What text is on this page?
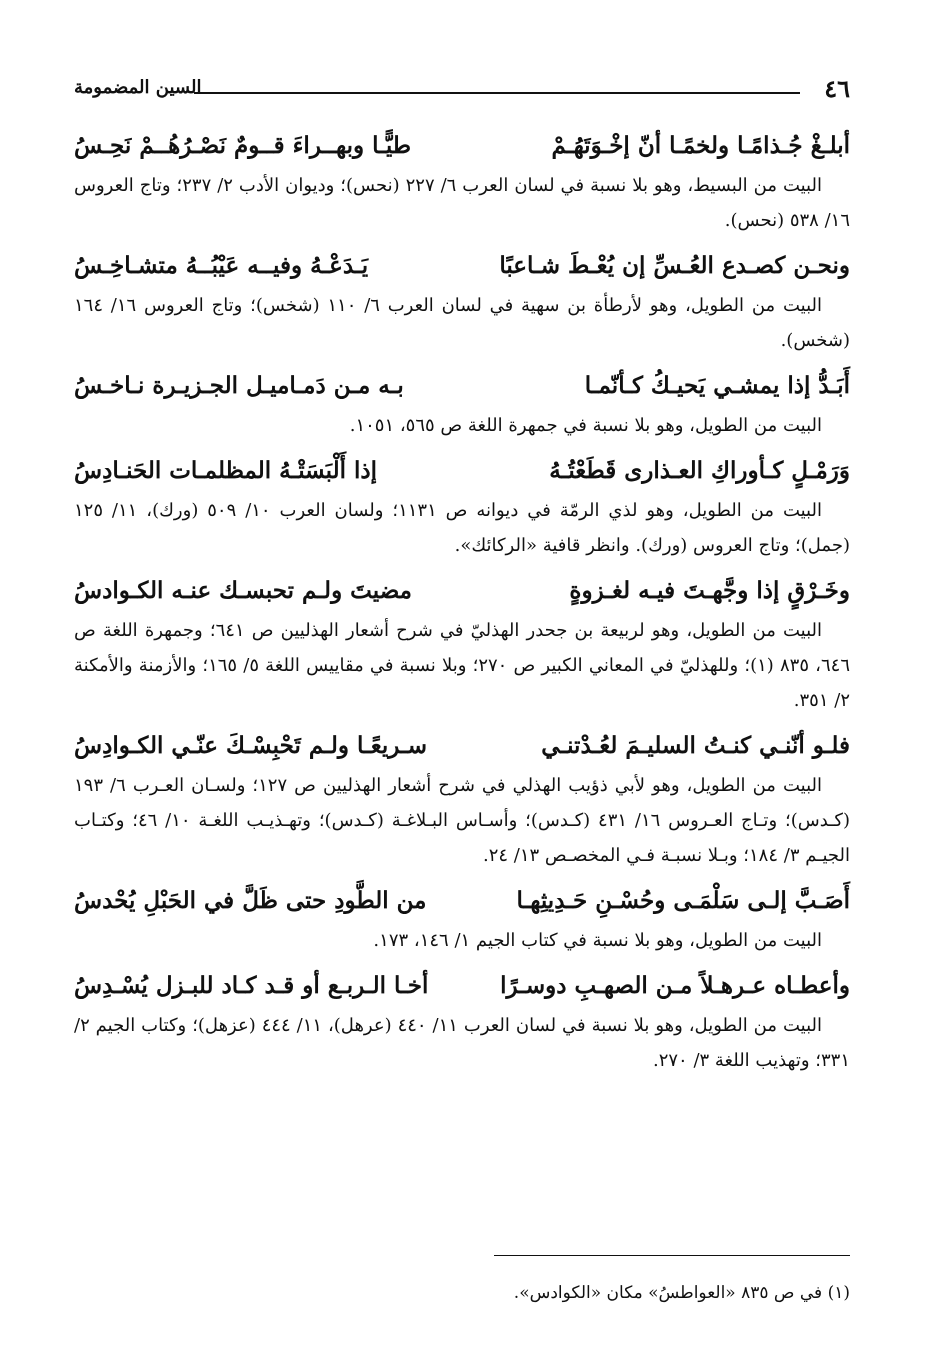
٤٦
السين المضمومة
أبلـغْ جُـذامًـا ولخمًـا أنّ إخْـوَتَهُـمْ
طيًّـا وبهــراءَ قــومٌ نَصْـرُهُــمْ نَحِـسُ

البيت من البسيط، وهو بلا نسبة في لسان العرب ٦/ ٢٢٧ (نحس)؛ وديوان الأدب ٢/ ٢٣٧؛ وتاج العروس ١٦/ ٥٣٨ (نحس).

ونحـن كصـدع العُـسِّ إن يُعْـطَ شـاعبًا
يَـدَعْـهُ وفيــه عَيْبُــهُ متشـاخِـسُ

البيت من الطويل، وهو لأرطأة بن سهية في لسان العرب ٦/ ١١٠ (شخس)؛ وتاج العروس ١٦/ ١٦٤ (شخس).

أَبَـدُّ إذا يمشـي يَحيـكُ كـأنّمـا
بـه مـن دَمـاميـل الجـزيـرة نـاخـسُ

البيت من الطويل، وهو بلا نسبة في جمهرة اللغة ص ٥٦٥، ١٠٥١.

وَرَمْـلٍ كـأوراكِ العـذارى قَطَعْتُـهُ
إذا أَلْبَسَتْـهُ المظلمـات الحَنـادِسُ

البيت من الطويل، وهو لذي الرمّة في ديوانه ص ١١٣١؛ ولسان العرب ١٠/ ٥٠٩ (ورك)، ١١/ ١٢٥ (جمل)؛ وتاج العروس (ورك). وانظر قافية «الركائك».

وخَـرْقٍ إذا وجَّهـتَ فيـه لغـزوةٍ
مضيتَ ولـم تحبسـك عنـه الكـوادسُ

البيت من الطويل، وهو لربيعة بن جحدر الهذليّ في شرح أشعار الهذليين ص ٦٤١؛ وجمهرة اللغة ص ٦٤٦، ٨٣٥ (١)؛ وللهذليّ في المعاني الكبير ص ٢٧٠؛ وبلا نسبة في مقاييس اللغة ٥/ ١٦٥؛ والأزمنة والأمكنة ٢/ ٣٥١.

فلـو أنّنـي كنـتُ السليـمَ لعُـدْتنـي
سـريعًـا ولـم تَحْبِسْـكَ عنّـي الكـوادِسُ

البيت من الطويل، وهو لأبي ذؤيب الهذلي في شرح أشعار الهذليين ص ١٢٧؛ ولسـان العـرب ٦/ ١٩٣ (كـدس)؛ وتـاج العـروس ١٦/ ٤٣١ (كـدس)؛ وأسـاس البـلاغـة (كـدس)؛ وتهـذيـب اللغـة ١٠/ ٤٦؛ وكتـاب الجيـم ٣/ ١٨٤؛ وبـلا نسبـة فـي المخصـص ١٣/ ٢٤.

أَصَـبَّ إلـى سَلْمَـى وحُسْـنِ حَـدِيثِهـا
من الطَّودِ حتى ظَلَّ في الحَبْلِ يُحْدسُ

البيت من الطويل، وهو بلا نسبة في كتاب الجيم ١/ ١٤٦، ١٧٣.

وأعطـاه عـرهـلاً مـن الصهـبِ دوسـرًا
أخـا الـربـع أو قـد كـاد للبـزل يُسْـدِسُ

البيت من الطويل، وهو بلا نسبة في لسان العرب ١١/ ٤٤٠ (عرهل)، ١١/ ٤٤٤ (عزهل)؛ وكتاب الجيم ٢/ ٣٣١؛ وتهذيب اللغة ٣/ ٢٧٠.

(١) في ص ٨٣٥ «العواطسُ» مكان «الكوادس».
